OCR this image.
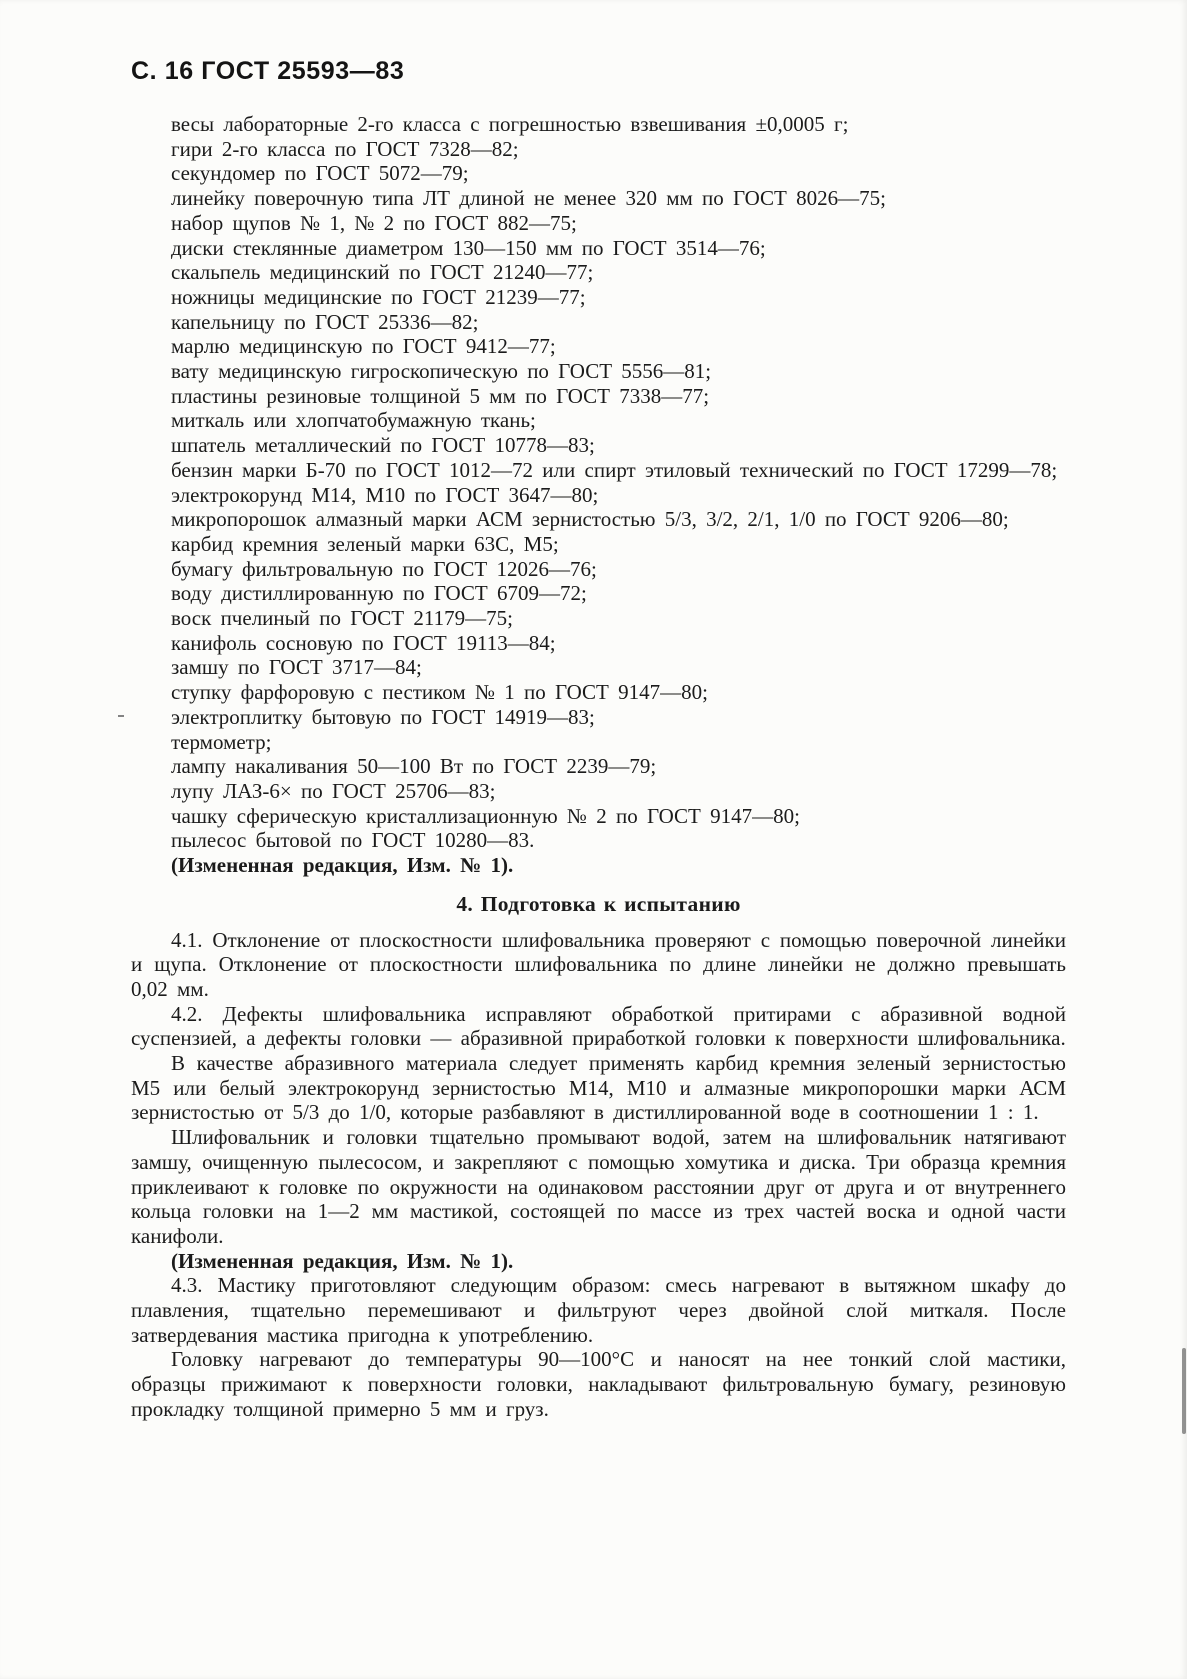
С. 16 ГОСТ 25593—83

весы лабораторные 2-го класса с погрешностью взвешивания ±0,0005 г;

гири 2-го класса по ГОСТ 7328—82;

секундомер по ГОСТ 5072—79;

линейку поверочную типа ЛТ длиной не менее 320 мм по ГОСТ 8026—75;

набор щупов № 1, № 2 по ГОСТ 882—75;

диски стеклянные диаметром 130—150 мм по ГОСТ 3514—76;

скальпель медицинский по ГОСТ 21240—77;

ножницы медицинские по ГОСТ 21239—77;

капельницу по ГОСТ 25336—82;

марлю медицинскую по ГОСТ 9412—77;

вату медицинскую гигроскопическую по ГОСТ 5556—81;

пластины резиновые толщиной 5 мм по ГОСТ 7338—77;

миткаль или хлопчатобумажную ткань;

шпатель металлический по ГОСТ 10778—83;

бензин марки Б-70 по ГОСТ 1012—72 или спирт этиловый технический по ГОСТ 17299—78;

электрокорунд М14, М10 по ГОСТ 3647—80;

микропорошок алмазный марки АСМ зернистостью 5/3, 3/2, 2/1, 1/0 по ГОСТ 9206—80;

карбид кремния зеленый марки 63С, М5;

бумагу фильтровальную по ГОСТ 12026—76;

воду дистиллированную по ГОСТ 6709—72;

воск пчелиный по ГОСТ 21179—75;

канифоль сосновую по ГОСТ 19113—84;

замшу по ГОСТ 3717—84;

ступку фарфоровую с пестиком № 1 по ГОСТ 9147—80;

электроплитку бытовую по ГОСТ 14919—83;

термометр;

лампу накаливания 50—100 Вт по ГОСТ 2239—79;

лупу ЛАЗ-6× по ГОСТ 25706—83;

чашку сферическую кристаллизационную № 2 по ГОСТ 9147—80;

пылесос бытовой по ГОСТ 10280—83.

(Измененная редакция, Изм. № 1).

4. Подготовка к испытанию

4.1. Отклонение от плоскостности шлифовальника проверяют с помощью поверочной линейки и щупа. Отклонение от плоскостности шлифовальника по длине линейки не должно превышать 0,02 мм.

4.2. Дефекты шлифовальника исправляют обработкой притирами с абразивной водной суспензией, а дефекты головки — абразивной приработкой головки к поверхности шлифовальника.

В качестве абразивного материала следует применять карбид кремния зеленый зернистостью М5 или белый электрокорунд зернистостью М14, М10 и алмазные микропорошки марки АСМ зернистостью от 5/3 до 1/0, которые разбавляют в дистиллированной воде в соотношении 1 : 1.

Шлифовальник и головки тщательно промывают водой, затем на шлифовальник натягивают замшу, очищенную пылесосом, и закрепляют с помощью хомутика и диска. Три образца кремния приклеивают к головке по окружности на одинаковом расстоянии друг от друга и от внутреннего кольца головки на 1—2 мм мастикой, состоящей по массе из трех частей воска и одной части канифоли.

(Измененная редакция, Изм. № 1).

4.3. Мастику приготовляют следующим образом: смесь нагревают в вытяжном шкафу до плавления, тщательно перемешивают и фильтруют через двойной слой миткаля. После затвердевания мастика пригодна к употреблению.

Головку нагревают до температуры 90—100°С и наносят на нее тонкий слой мастики, образцы прижимают к поверхности головки, накладывают фильтровальную бумагу, резиновую прокладку толщиной примерно 5 мм и груз.
